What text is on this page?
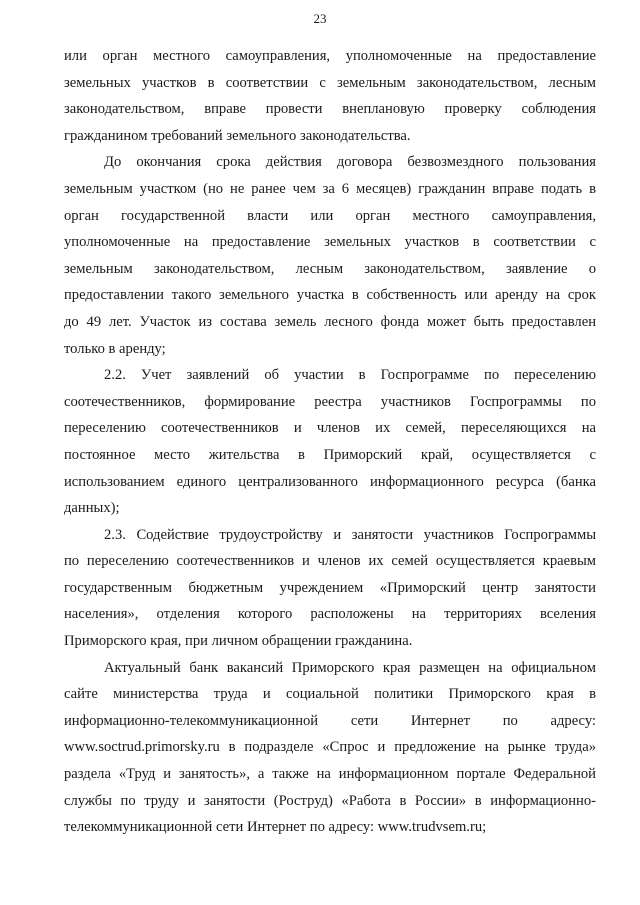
23
или орган местного самоуправления, уполномоченные на предоставление
земельных участков в соответствии с земельным законодательством, лесным
законодательством, вправе провести внеплановую проверку соблюдения
гражданином требований земельного законодательства.
До окончания срока действия договора безвозмездного пользования
земельным участком (но не ранее чем за 6 месяцев) гражданин вправе подать в
орган государственной власти или орган местного самоуправления,
уполномоченные на предоставление земельных участков в соответствии с
земельным законодательством, лесным законодательством, заявление о
предоставлении такого земельного участка в собственность или аренду на срок
до 49 лет. Участок из состава земель лесного фонда может быть предоставлен
только в аренду;
2.2. Учет заявлений об участии в Госпрограмме по переселению
соотечественников, формирование реестра участников Госпрограммы по
переселению соотечественников и членов их семей, переселяющихся на
постоянное место жительства в Приморский край, осуществляется с
использованием единого централизованного информационного ресурса (банка
данных);
2.3. Содействие трудоустройству и занятости участников Госпрограммы
по переселению соотечественников и членов их семей осуществляется краевым
государственным бюджетным учреждением «Приморский центр занятости
населения», отделения которого расположены на территориях вселения
Приморского края, при личном обращении гражданина.
Актуальный банк вакансий Приморского края размещен на официальном
сайте министерства труда и социальной политики Приморского края в
информационно-телекоммуникационной сети Интернет по адресу:
www.soctrud.primorsky.ru в подразделе «Спрос и предложение на рынке труда»
раздела «Труд и занятость», а также на информационном портале Федеральной
службы по труду и занятости (Роструд) «Работа в России» в информационно-
телекоммуникационной сети Интернет по адресу: www.trudvsem.ru;
